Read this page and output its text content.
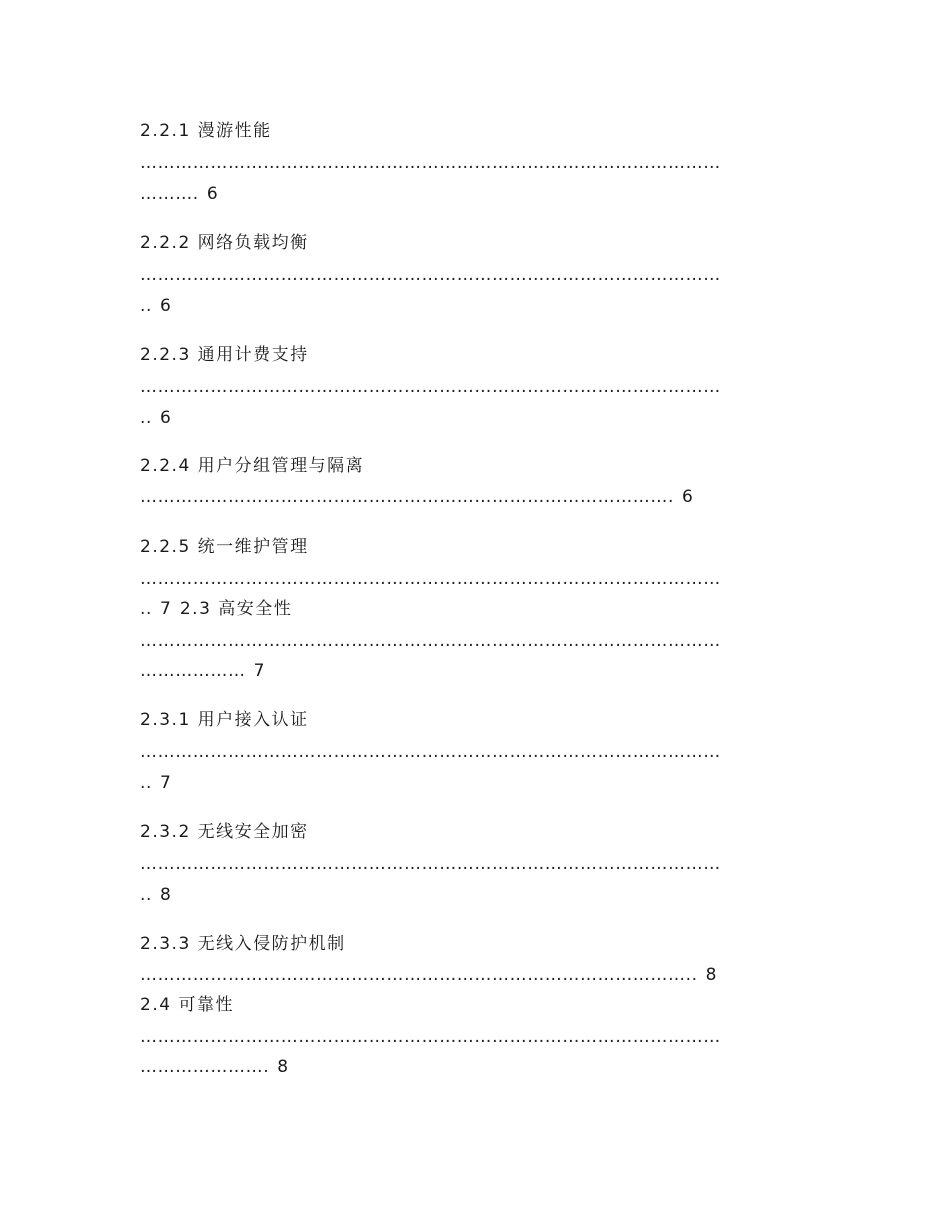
2.2.1 漫游性能
………………………………………………………………………………………
………. 6
2.2.2 网络负载均衡
………………………………………………………………………………………
.. 6
2.2.3 通用计费支持
………………………………………………………………………………………
.. 6
2.2.4 用户分组管理与隔离
………………………………………………………………………………. 6
2.2.5 统一维护管理
………………………………………………………………………………………
.. 7 2.3 高安全性
………………………………………………………………………………………
……………… 7
2.3.1 用户接入认证
………………………………………………………………………………………
.. 7
2.3.2 无线安全加密
………………………………………………………………………………………
.. 8
2.3.3 无线入侵防护机制
………………………………………………………………………………….. 8
2.4 可靠性
………………………………………………………………………………………
…………………. 8
